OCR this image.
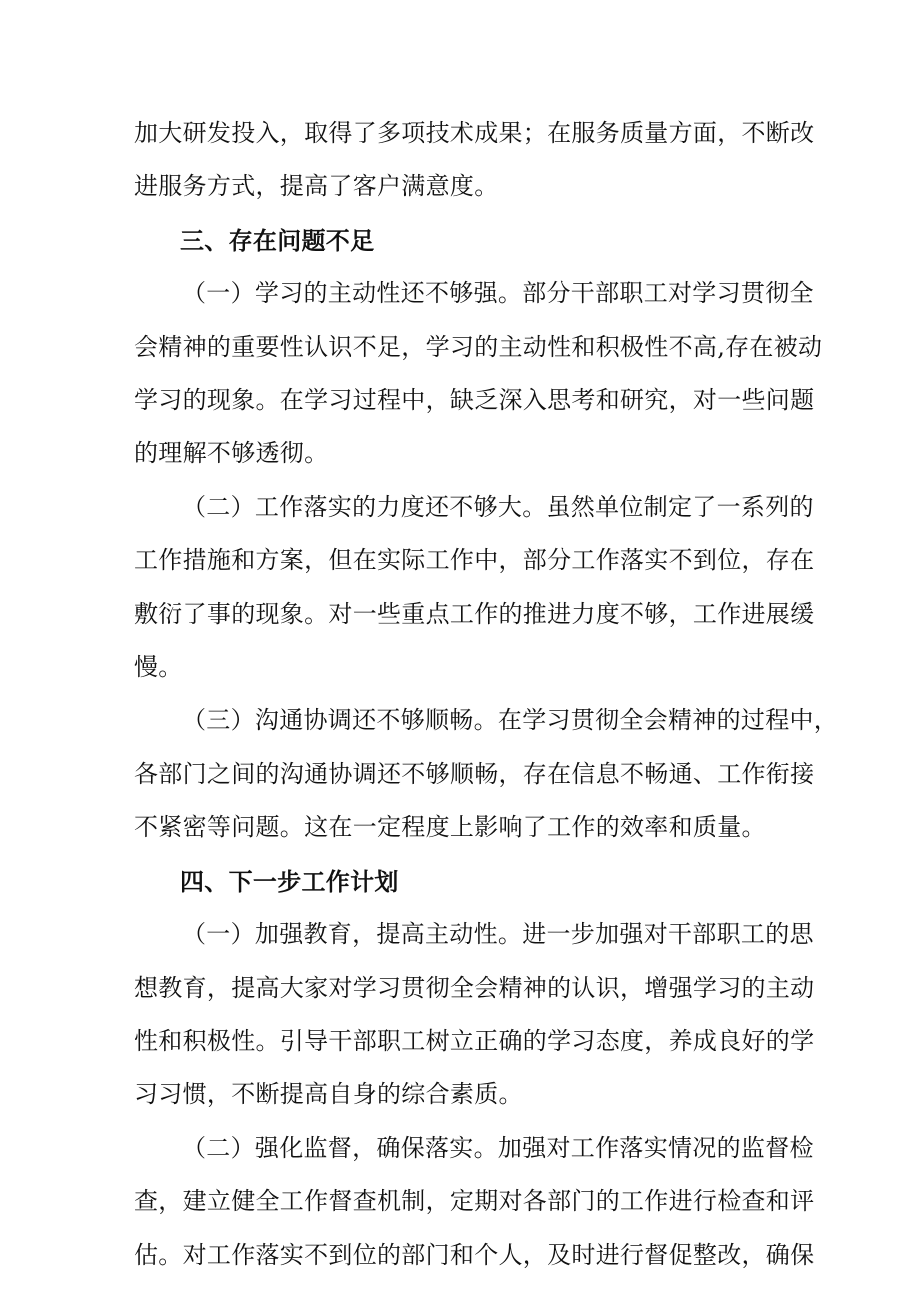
加大研发投入，取得了多项技术成果；在服务质量方面，不断改
进服务方式，提高了客户满意度。

三、存在问题不足

（一）学习的主动性还不够强。部分干部职工对学习贯彻全
会精神的重要性认识不足，学习的主动性和积极性不高,存在被动
学习的现象。在学习过程中，缺乏深入思考和研究，对一些问题
的理解不够透彻。

（二）工作落实的力度还不够大。虽然单位制定了一系列的
工作措施和方案，但在实际工作中，部分工作落实不到位，存在
敷衍了事的现象。对一些重点工作的推进力度不够，工作进展缓
慢。

（三）沟通协调还不够顺畅。在学习贯彻全会精神的过程中，
各部门之间的沟通协调还不够顺畅，存在信息不畅通、工作衔接
不紧密等问题。这在一定程度上影响了工作的效率和质量。

四、下一步工作计划

（一）加强教育，提高主动性。进一步加强对干部职工的思
想教育，提高大家对学习贯彻全会精神的认识，增强学习的主动
性和积极性。引导干部职工树立正确的学习态度，养成良好的学
习习惯，不断提高自身的综合素质。

（二）强化监督，确保落实。加强对工作落实情况的监督检
查，建立健全工作督查机制，定期对各部门的工作进行检查和评
估。对工作落实不到位的部门和个人，及时进行督促整改，确保
